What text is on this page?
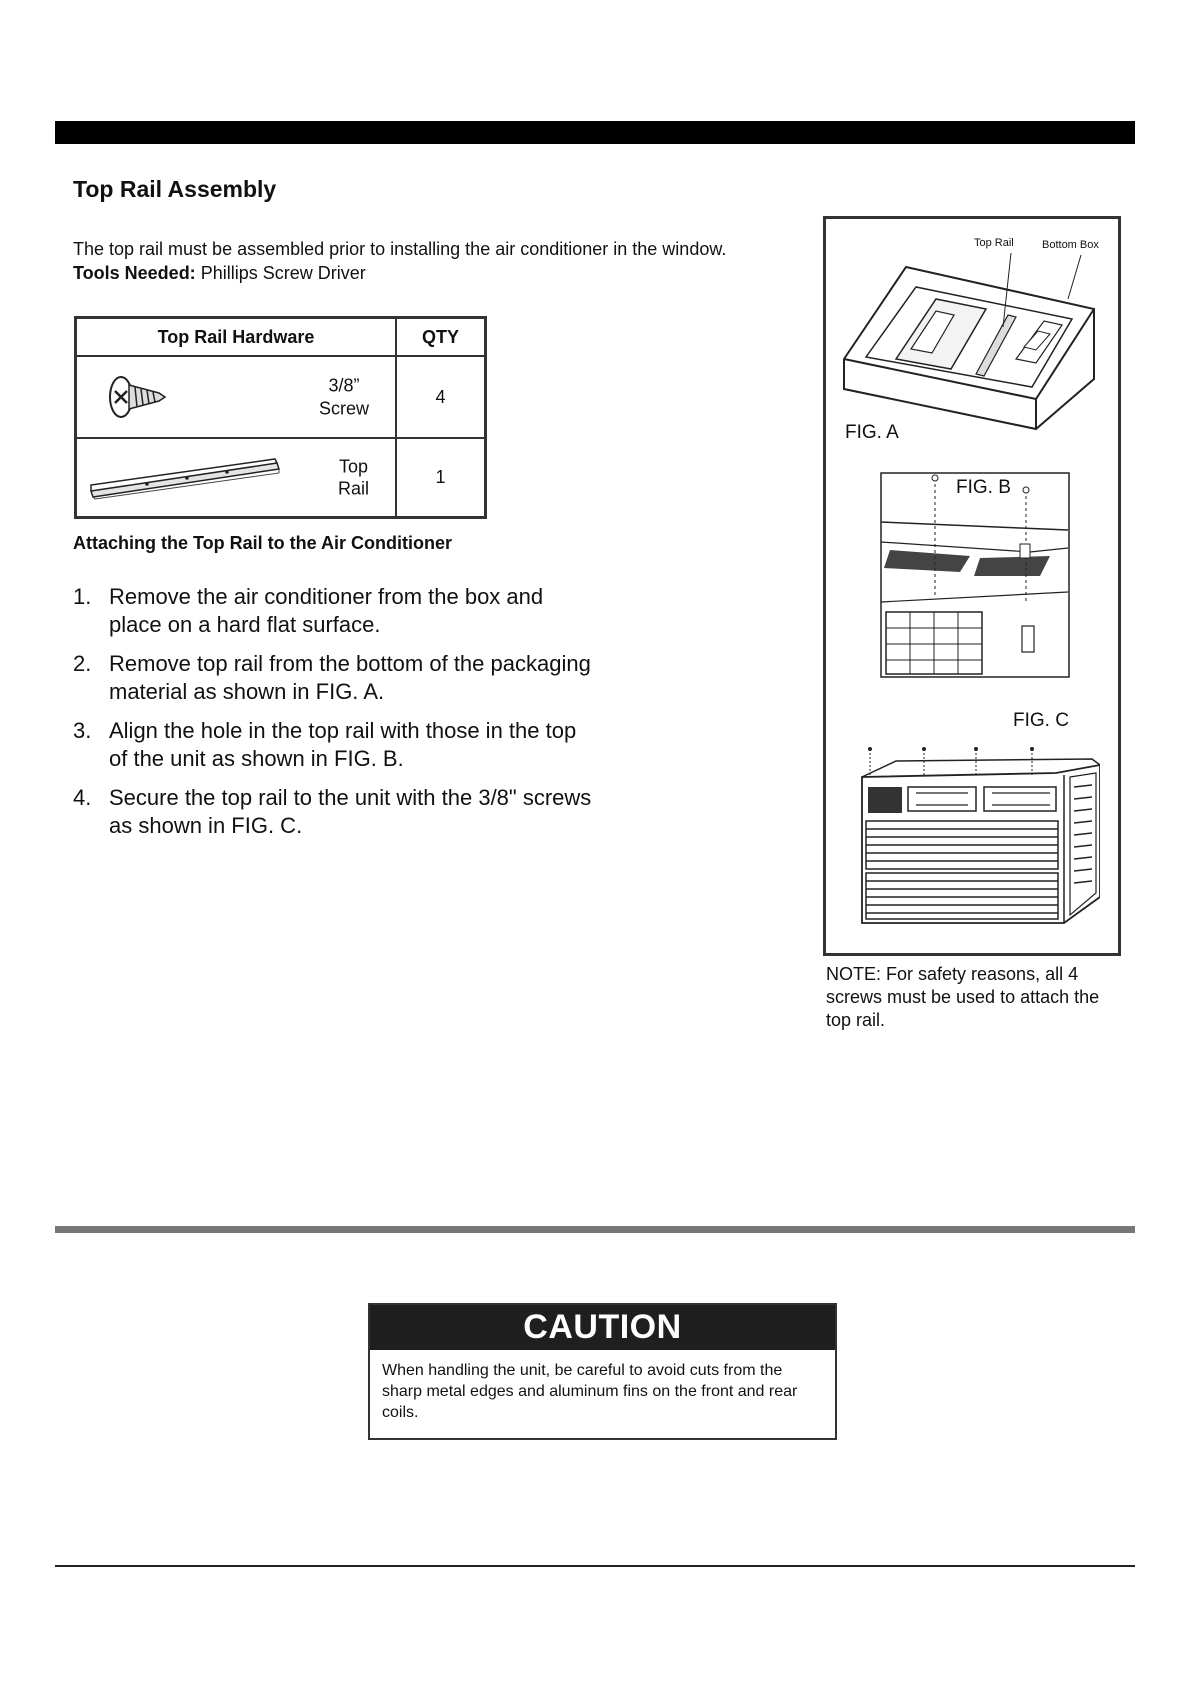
Top Rail Assembly
The top rail must be assembled prior to installing the air conditioner in the window.
Tools Needed: Phillips Screw Driver
Top Rail Hardware	QTY

3/8”
Screw	4

Top
Rail	1
Attaching the Top Rail to the Air Conditioner
1. Remove the air conditioner from the box and place on a hard flat surface.
2. Remove top rail from the bottom of the packaging material as shown in FIG. A.
3. Align the hole in the top rail with those in the top of the unit as shown in FIG. B.
4. Secure the top rail to the unit with the 3/8" screws as shown in FIG. C.
Top Rail	Bottom Box
FIG. A
FIG. B
FIG. C
NOTE: For safety reasons, all 4 screws must be used to attach the top rail.
CAUTION
When handling the unit, be careful to avoid cuts from the sharp metal edges and aluminum fins on the front and rear coils.
